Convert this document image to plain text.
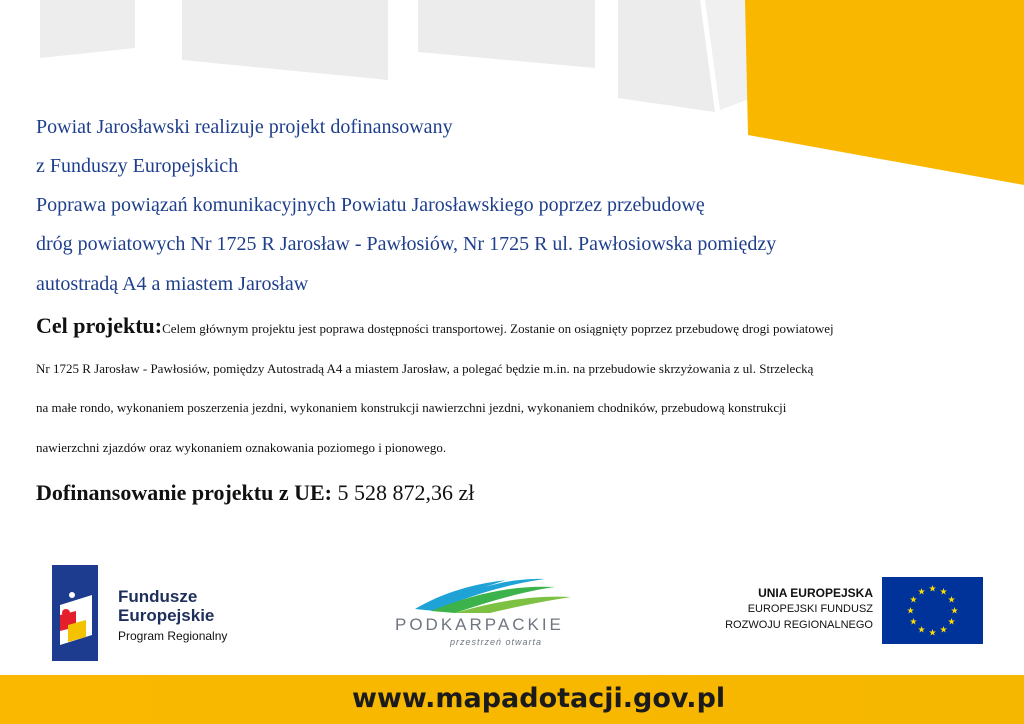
Powiat Jarosławski realizuje projekt dofinansowany

z Funduszy Europejskich

Poprawa powiązań komunikacyjnych Powiatu Jarosławskiego poprzez przebudowę

dróg powiatowych Nr 1725 R Jarosław - Pawłosiów, Nr 1725 R ul. Pawłosiowska pomiędzy

autostradą A4 a miastem Jarosław

Cel projektu:Celem głównym projektu jest poprawa dostępności transportowej. Zostanie on osiągnięty poprzez przebudowę drogi powiatowej
Nr 1725 R Jarosław - Pawłosiów, pomiędzy Autostradą A4 a miastem Jarosław, a polegać będzie m.in. na przebudowie skrzyżowania z ul. Strzelecką
na małe rondo, wykonaniem poszerzenia jezdni, wykonaniem konstrukcji nawierzchni jezdni, wykonaniem chodników, przebudową konstrukcji
nawierzchni zjazdów oraz wykonaniem oznakowania poziomego i pionowego.
Dofinansowanie projektu z UE: 5 528 872,36 zł
Fundusze
Europejskie
Program Regionalny
PODKARPACKIE
przestrzeń otwarta
UNIA EUROPEJSKA
EUROPEJSKI FUNDUSZ
ROZWOJU REGIONALNEGO
★ ★
★
★
★
★
★
★
★
★
★
★
www.mapadotacji.gov.pl
